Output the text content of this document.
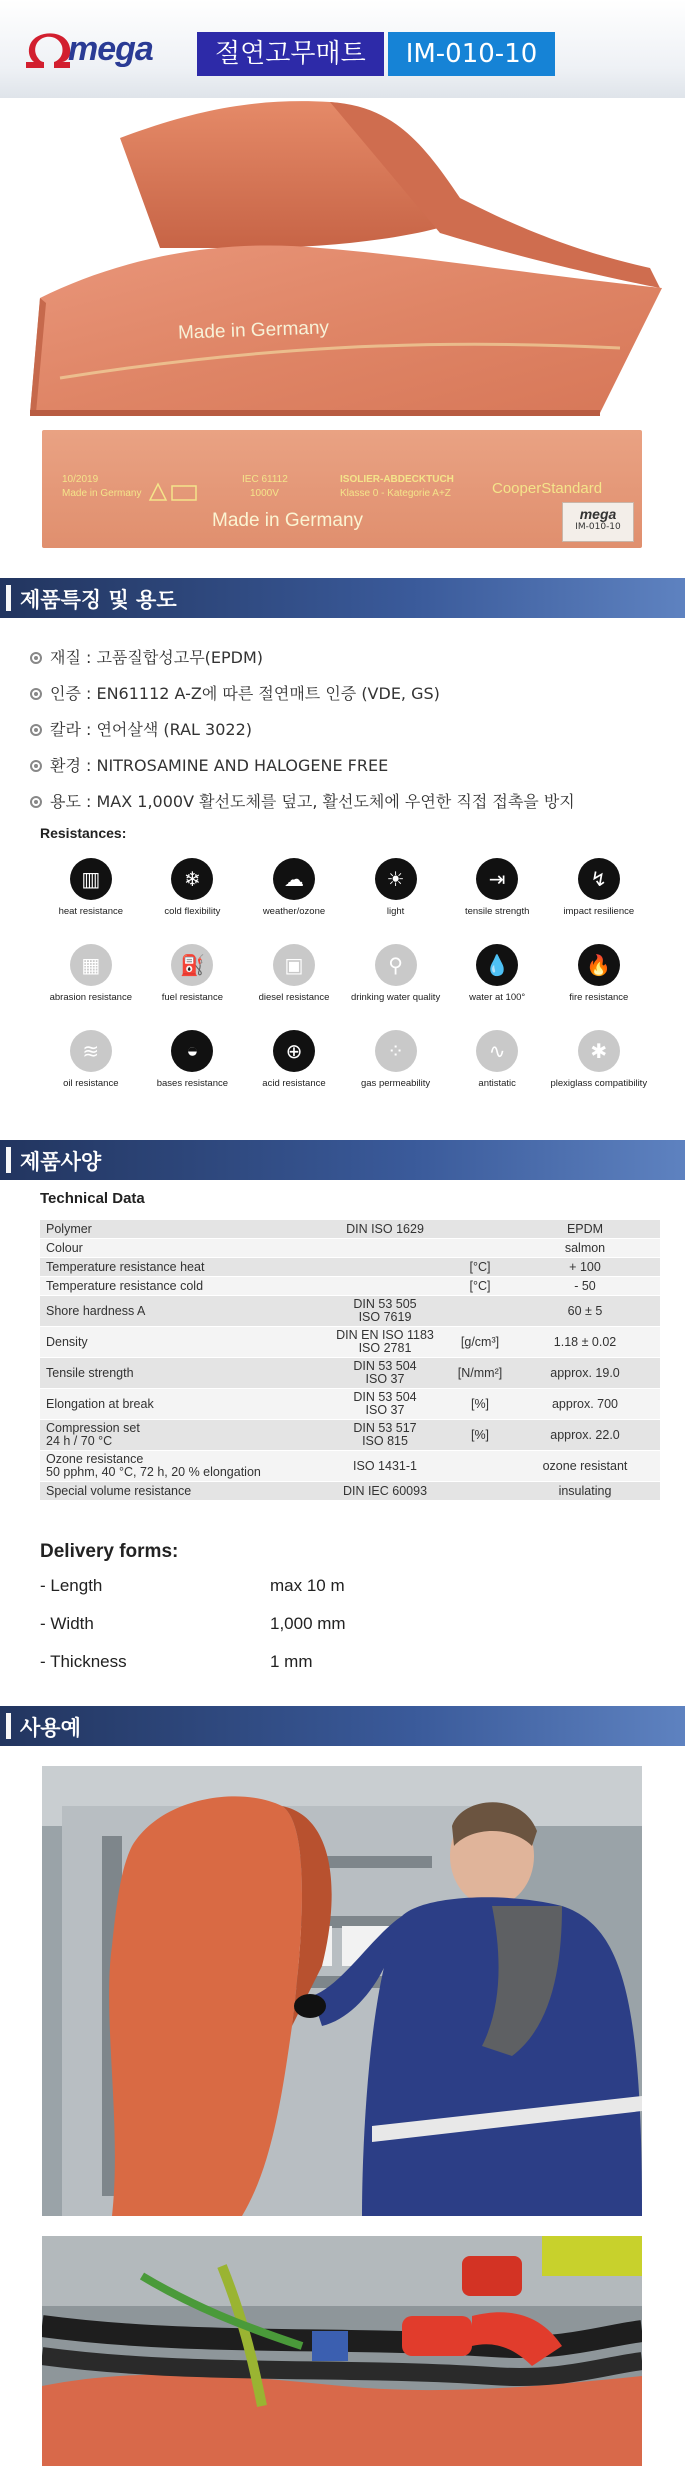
mega	절연고무매트	IM-010-10
Made in Germany
10/2019
Made in Germany
IEC 61112
1000V
ISOLIER-ABDECKTUCH
Klasse 0 - Kategorie A+Z	CooperStandard
Made in Germany	mega
IM-010-10
제품특징 및 용도
재질 : 고품질합성고무(EPDM)
인증 : EN61112 A-Z에 따른 절연매트 인증 (VDE, GS)
칼라 : 연어살색 (RAL 3022)
환경 : NITROSAMINE AND HALOGENE FREE
용도 : MAX 1,000V 활선도체를 덮고, 활선도체에 우연한 직접 접촉을 방지
Resistances:
▥
heat resistance
❄
cold flexibility
☁
weather/ozone
☀
light
⇥
tensile strength
↯
impact resilience
▦
abrasion resistance
⛽
fuel resistance
▣
diesel resistance
⚲
drinking water quality
💧
water at 100°
🔥
fire resistance
≋
oil resistance
◒
bases resistance
⊕
acid resistance
⁘
gas permeability
∿
antistatic
✱
plexiglass compatibility
제품사양
Technical Data
Polymer	DIN ISO 1629		EPDM
Colour			salmon
Temperature resistance heat		[°C]	+ 100
Temperature resistance cold		[°C]	- 50
Shore hardness A	DIN 53 505
ISO 7619		60 ± 5
Density	DIN EN ISO 1183
ISO 2781	[g/cm³]	1.18 ± 0.02
Tensile strength	DIN 53 504
ISO 37	[N/mm²]	approx. 19.0
Elongation at break	DIN 53 504
ISO 37	[%]	approx. 700
Compression set
24 h / 70 °C	DIN 53 517
ISO 815	[%]	approx. 22.0
Ozone resistance
50 pphm, 40 °C, 72 h, 20 % elongation	ISO 1431-1		ozone resistant
Special volume resistance	DIN IEC 60093		insulating
Delivery forms:
- Length	max 10 m
- Width	1,000 mm
- Thickness	1 mm
사용예
